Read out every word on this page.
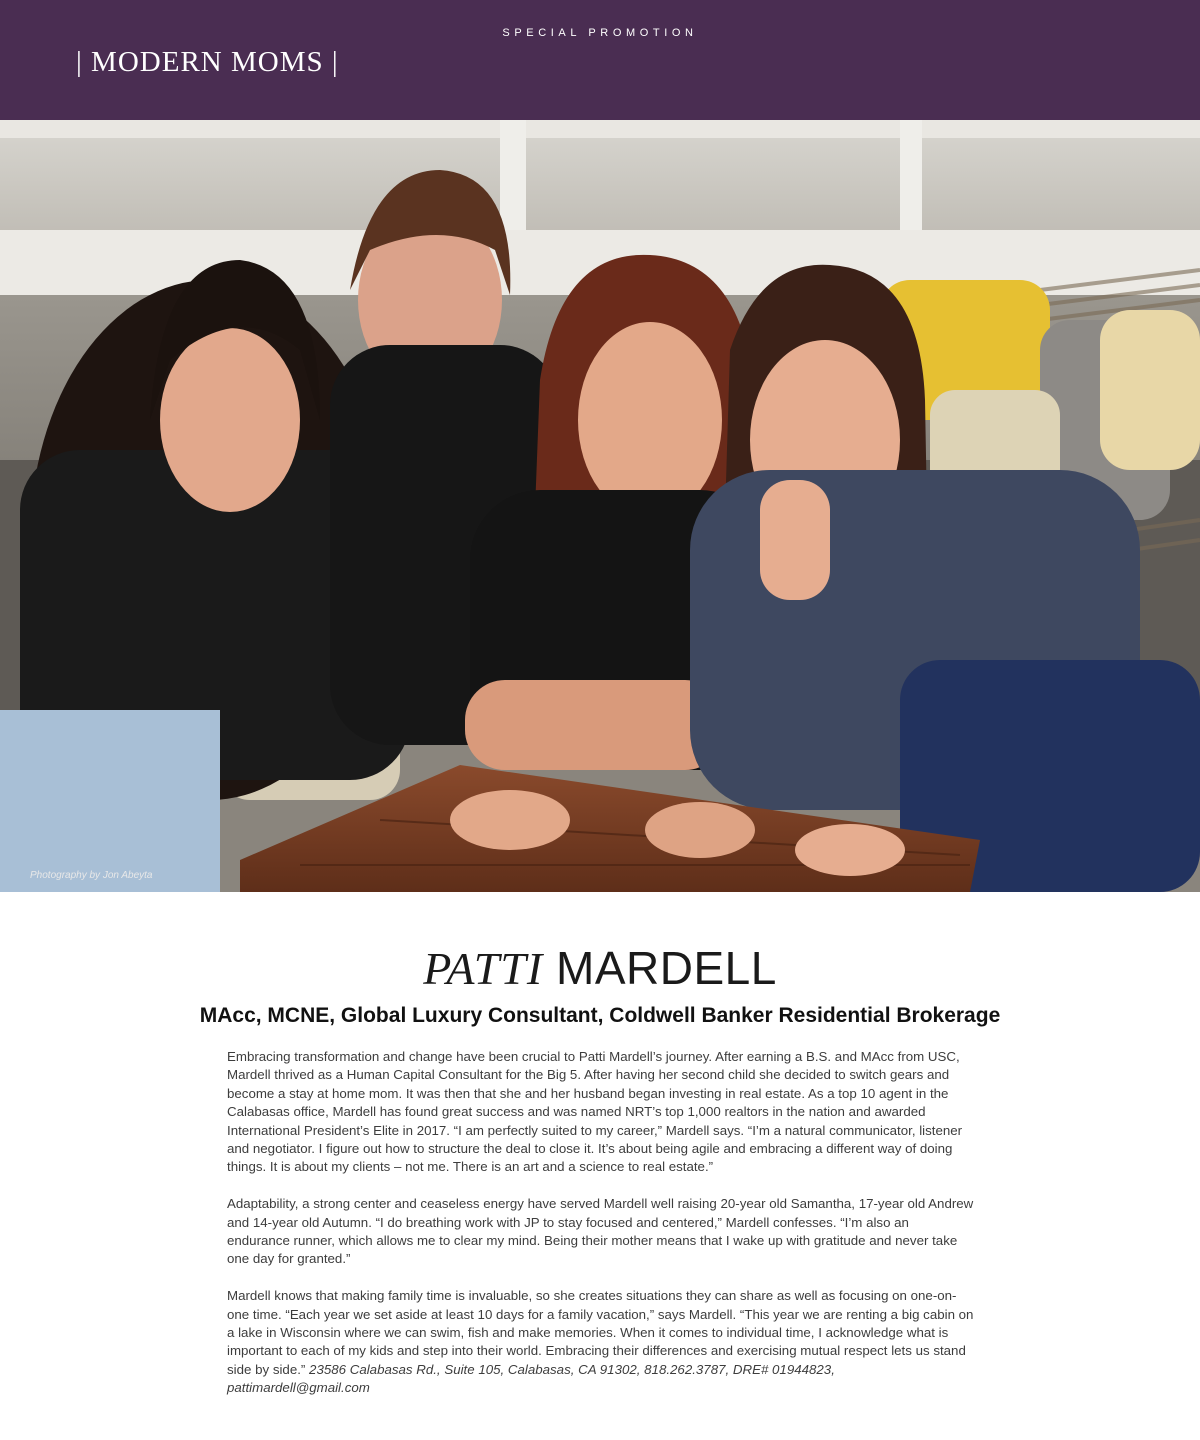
SPECIAL PROMOTION
| MODERN MOMS |
Photography by Jon Abeyta
PATTI MARDELL
MAcc, MCNE, Global Luxury Consultant, Coldwell Banker Residential Brokerage

Embracing transformation and change have been crucial to Patti Mardell’s journey. After earning a B.S. and MAcc from USC, Mardell thrived as a Human Capital Consultant for the Big 5. After having her second child she decided to switch gears and become a stay at home mom. It was then that she and her husband began investing in real estate. As a top 10 agent in the Calabasas office, Mardell has found great success and was named NRT’s top 1,000 realtors in the nation and awarded International President’s Elite in 2017. “I am perfectly suited to my career,” Mardell says. “I’m a natural communicator, listener and negotiator. I figure out how to structure the deal to close it. It’s about being agile and embracing a different way of doing things. It is about my clients – not me. There is an art and a science to real estate.”

Adaptability, a strong center and ceaseless energy have served Mardell well raising 20-year old Samantha, 17-year old Andrew and 14-year old Autumn. “I do breathing work with JP to stay focused and centered,” Mardell confesses. “I’m also an endurance runner, which allows me to clear my mind. Being their mother means that I wake up with gratitude and never take one day for granted.”

Mardell knows that making family time is invaluable, so she creates situations they can share as well as focusing on one-on-one time. “Each year we set aside at least 10 days for a family vacation,” says Mardell. “This year we are renting a big cabin on a lake in Wisconsin where we can swim, fish and make memories. When it comes to individual time, I acknowledge what is important to each of my kids and step into their world. Embracing their differences and exercising mutual respect lets us stand side by side.” 23586 Calabasas Rd., Suite 105, Calabasas, CA 91302, 818.262.3787, DRE# 01944823, pattimardell@gmail.com
